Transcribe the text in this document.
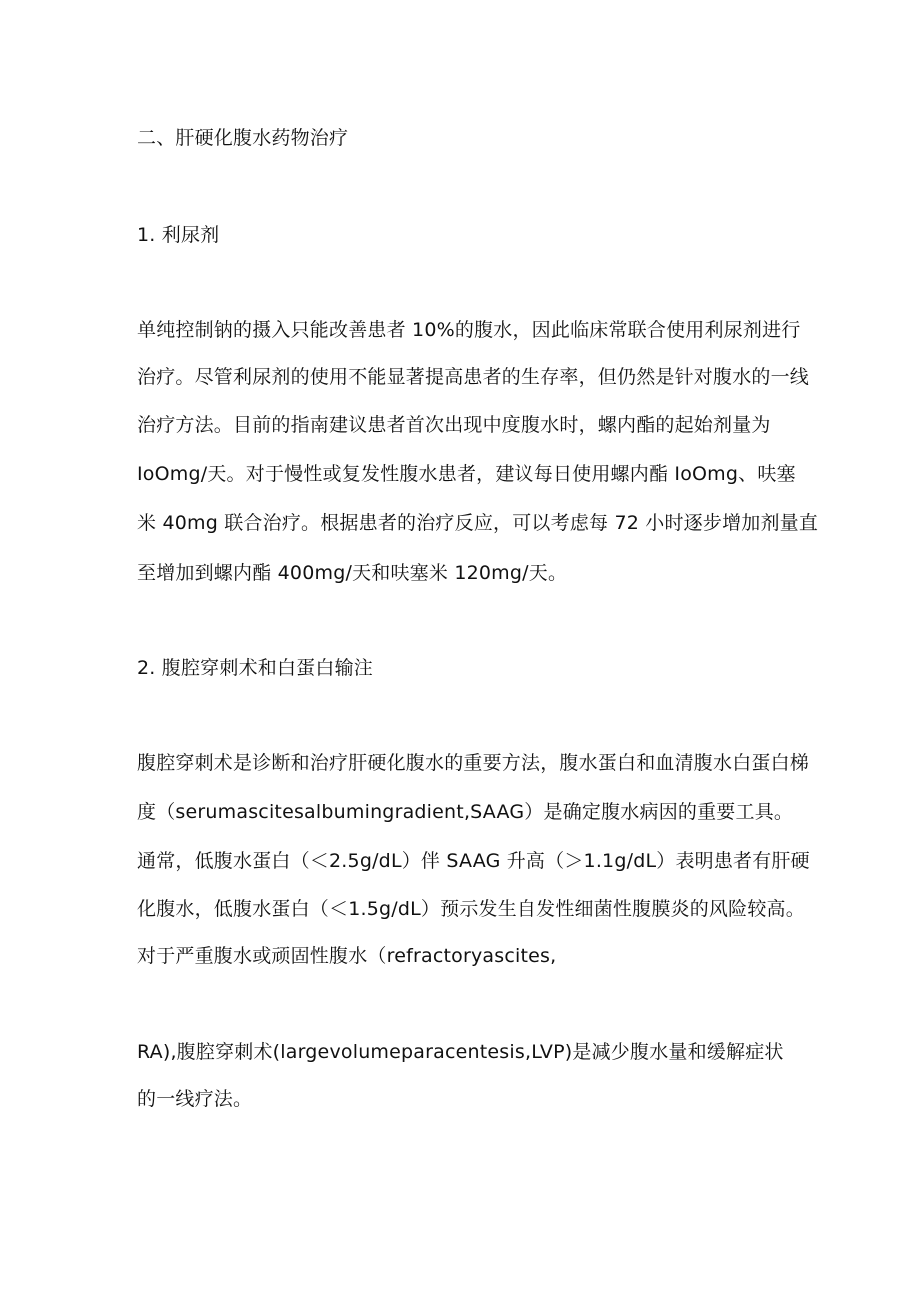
二、肝硬化腹水药物治疗
1. 利尿剂
单纯控制钠的摄入只能改善患者 10%的腹水，因此临床常联合使用利尿剂进行
治疗。尽管利尿剂的使用不能显著提高患者的生存率，但仍然是针对腹水的一线
治疗方法。目前的指南建议患者首次出现中度腹水时，螺内酯的起始剂量为
IoOmg/天。对于慢性或复发性腹水患者，建议每日使用螺内酯 IoOmg、呋塞
米 40mg 联合治疗。根据患者的治疗反应，可以考虑每 72 小时逐步增加剂量直
至增加到螺内酯 400mg∕天和呋塞米 120mg∕天。
2. 腹腔穿刺术和白蛋白输注
腹腔穿刺术是诊断和治疗肝硬化腹水的重要方法，腹水蛋白和血清腹水白蛋白梯
度（serumascitesalbumingradient,SAAG）是确定腹水病因的重要工具。
通常，低腹水蛋白（＜2.5g∕dL）伴 SAAG 升高（＞1.1g∕dL）表明患者有肝硬
化腹水，低腹水蛋白（＜1.5g/dL）预示发生自发性细菌性腹膜炎的风险较高。
对于严重腹水或顽固性腹水（refractoryascites,
RA),腹腔穿刺术(largevolumeparacentesis,LVP)是减少腹水量和缓解症状
的一线疗法。
